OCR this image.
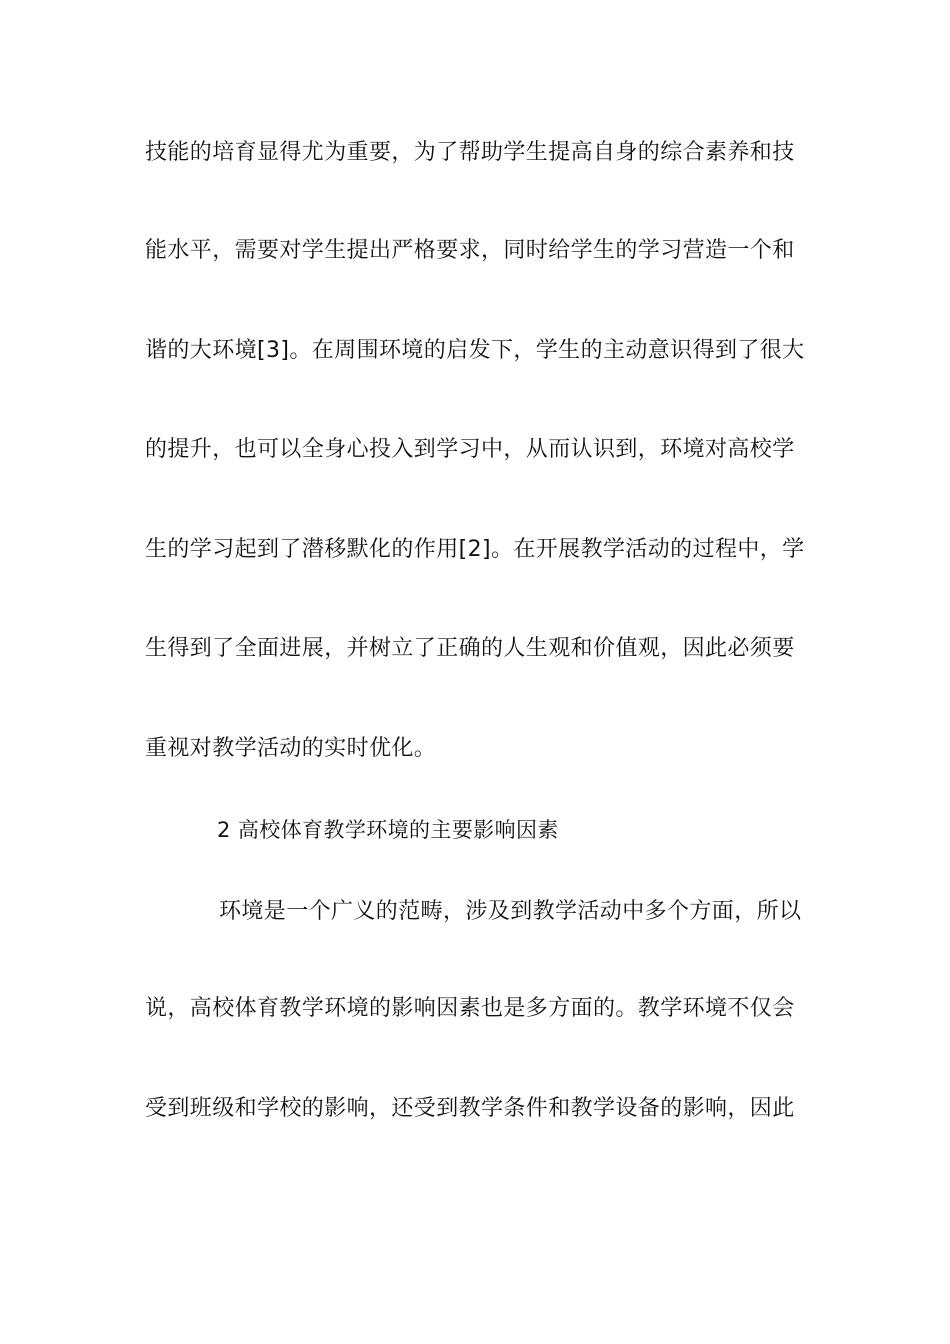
技能的培育显得尤为重要，为了帮助学生提高自身的综合素养和技
能水平，需要对学生提出严格要求，同时给学生的学习营造一个和
谐的大环境[3]。在周围环境的启发下，学生的主动意识得到了很大
的提升，也可以全身心投入到学习中，从而认识到，环境对高校学
生的学习起到了潜移默化的作用[2]。在开展教学活动的过程中，学
生得到了全面进展，并树立了正确的人生观和价值观，因此必须要
重视对教学活动的实时优化。
2 高校体育教学环境的主要影响因素
环境是一个广义的范畴，涉及到教学活动中多个方面，所以
说，高校体育教学环境的影响因素也是多方面的。教学环境不仅会
受到班级和学校的影响，还受到教学条件和教学设备的影响，因此
